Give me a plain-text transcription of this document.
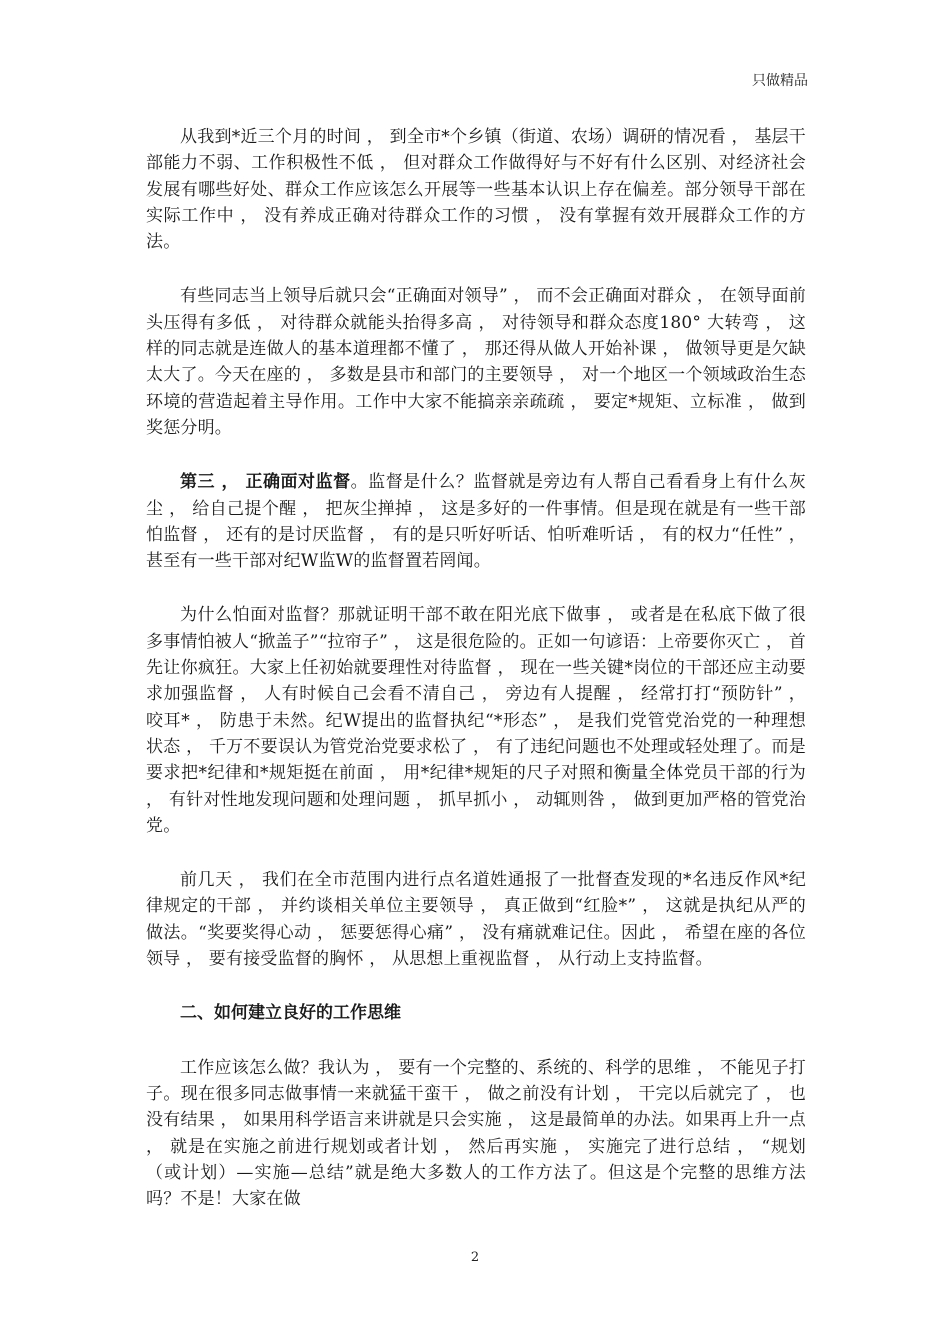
只做精品

从我到*近三个月的时间 ， 到全市*个乡镇（街道、农场）调研的情况看 ， 基层干部能力不弱、工作积极性不低 ， 但对群众工作做得好与不好有什么区别、对经济社会发展有哪些好处、群众工作应该怎么开展等一些基本认识上存在偏差。部分领导干部在实际工作中 ， 没有养成正确对待群众工作的习惯 ， 没有掌握有效开展群众工作的方法。

有些同志当上领导后就只会“正确面对领导” ， 而不会正确面对群众 ， 在领导面前头压得有多低 ， 对待群众就能头抬得多高 ， 对待领导和群众态度180° 大转弯 ， 这样的同志就是连做人的基本道理都不懂了 ， 那还得从做人开始补课 ， 做领导更是欠缺太大了。今天在座的 ， 多数是县市和部门的主要领导 ， 对一个地区一个领域政治生态环境的营造起着主导作用。工作中大家不能搞亲亲疏疏 ， 要定*规矩、立标准 ， 做到奖惩分明。

第三 ， 正确面对监督。监督是什么？监督就是旁边有人帮自己看看身上有什么灰尘 ， 给自己提个醒 ， 把灰尘掸掉 ， 这是多好的一件事情。但是现在就是有一些干部怕监督 ， 还有的是讨厌监督 ， 有的是只听好听话、怕听难听话 ， 有的权力“任性” ， 甚至有一些干部对纪W监W的监督置若罔闻。

为什么怕面对监督？那就证明干部不敢在阳光底下做事 ， 或者是在私底下做了很多事情怕被人“掀盖子”“拉帘子” ， 这是很危险的。正如一句谚语：上帝要你灭亡 ， 首先让你疯狂。大家上任初始就要理性对待监督 ， 现在一些关键*岗位的干部还应主动要求加强监督 ， 人有时候自己会看不清自己 ， 旁边有人提醒 ， 经常打打“预防针” ， 咬耳* ， 防患于未然。纪W提出的监督执纪“*形态” ， 是我们党管党治党的一种理想状态 ， 千万不要误认为管党治党要求松了 ， 有了违纪问题也不处理或轻处理了。而是要求把*纪律和*规矩挺在前面 ， 用*纪律*规矩的尺子对照和衡量全体党员干部的行为 ， 有针对性地发现问题和处理问题 ， 抓早抓小 ， 动辄则咎 ， 做到更加严格的管党治党。

前几天 ， 我们在全市范围内进行点名道姓通报了一批督查发现的*名违反作风*纪律规定的干部 ， 并约谈相关单位主要领导 ， 真正做到“红脸*” ， 这就是执纪从严的做法。“奖要奖得心动 ， 惩要惩得心痛” ， 没有痛就难记住。因此 ， 希望在座的各位领导 ， 要有接受监督的胸怀 ， 从思想上重视监督 ， 从行动上支持监督。

二、如何建立良好的工作思维

工作应该怎么做？我认为 ， 要有一个完整的、系统的、科学的思维 ， 不能见子打子。现在很多同志做事情一来就猛干蛮干 ， 做之前没有计划 ， 干完以后就完了 ， 也没有结果 ， 如果用科学语言来讲就是只会实施 ， 这是最简单的办法。如果再上升一点 ， 就是在实施之前进行规划或者计划 ， 然后再实施 ， 实施完了进行总结 ， “规划（或计划）—实施—总结”就是绝大多数人的工作方法了。但这是个完整的思维方法吗？不是！大家在做

2
